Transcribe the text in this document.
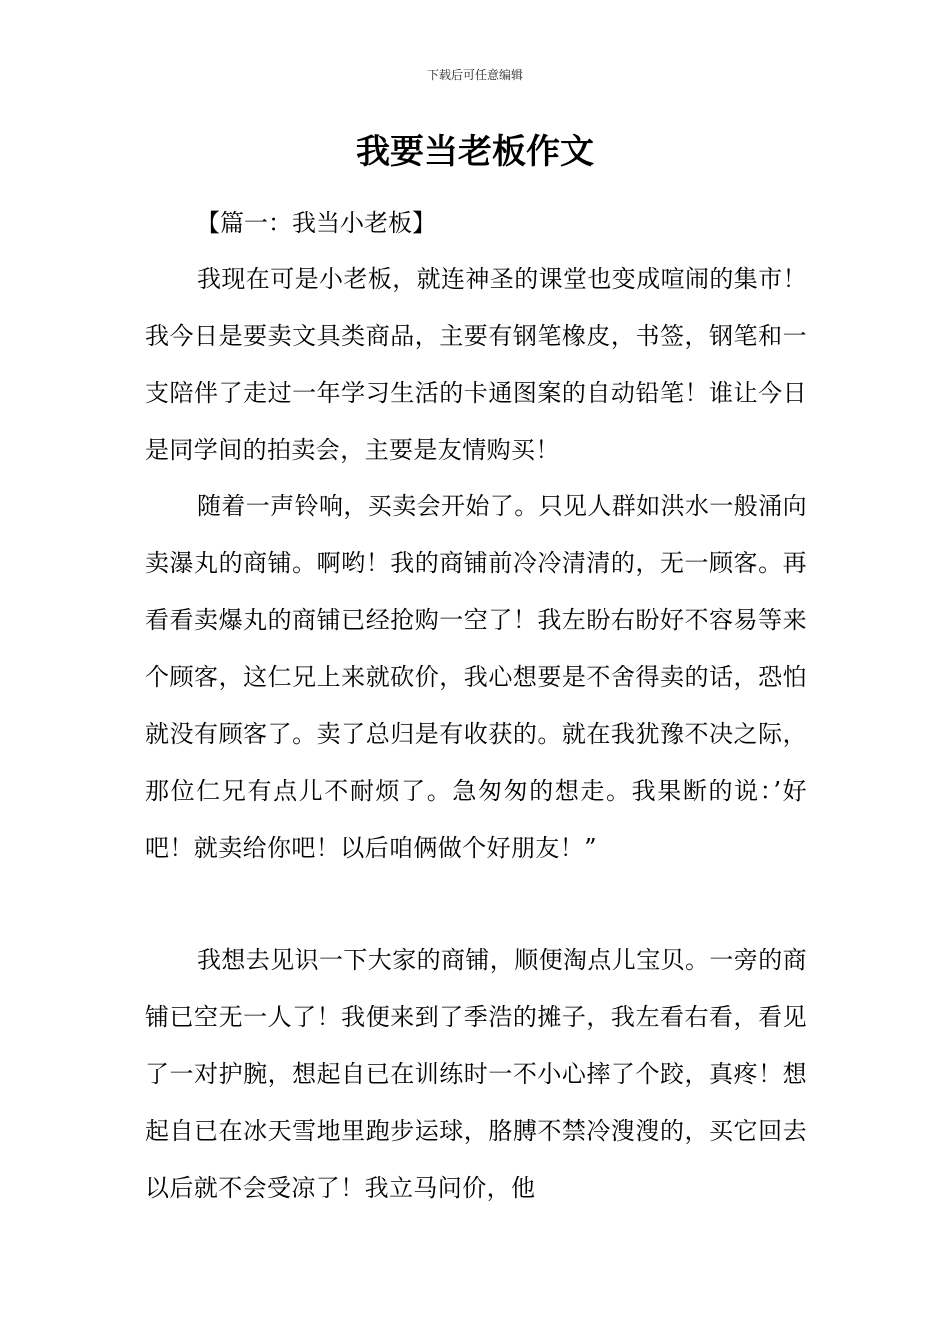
下载后可任意编辑
我要当老板作文
【篇一：我当小老板】

我现在可是小老板，就连神圣的课堂也变成喧闹的集市！我今日是要卖文具类商品，主要有钢笔橡皮，书签，钢笔和一支陪伴了走过一年学习生活的卡通图案的自动铅笔！谁让今日是同学间的拍卖会，主要是友情购买！

随着一声铃响，买卖会开始了。只见人群如洪水一般涌向卖瀑丸的商铺。啊哟！我的商铺前冷冷清清的，无一顾客。再看看卖爆丸的商铺已经抢购一空了！我左盼右盼好不容易等来个顾客，这仁兄上来就砍价，我心想要是不舍得卖的话，恐怕就没有顾客了。卖了总归是有收获的。就在我犹豫不决之际，那位仁兄有点儿不耐烦了。急匆匆的想走。我果断的说：’好吧！就卖给你吧！以后咱俩做个好朋友！”

我想去见识一下大家的商铺，顺便淘点儿宝贝。一旁的商铺已空无一人了！我便来到了季浩的摊子，我左看右看，看见了一对护腕，想起自已在训练时一不小心摔了个跤，真疼！想起自已在冰天雪地里跑步运球，胳膊不禁冷溲溲的，买它回去以后就不会受凉了！我立马问价，他
